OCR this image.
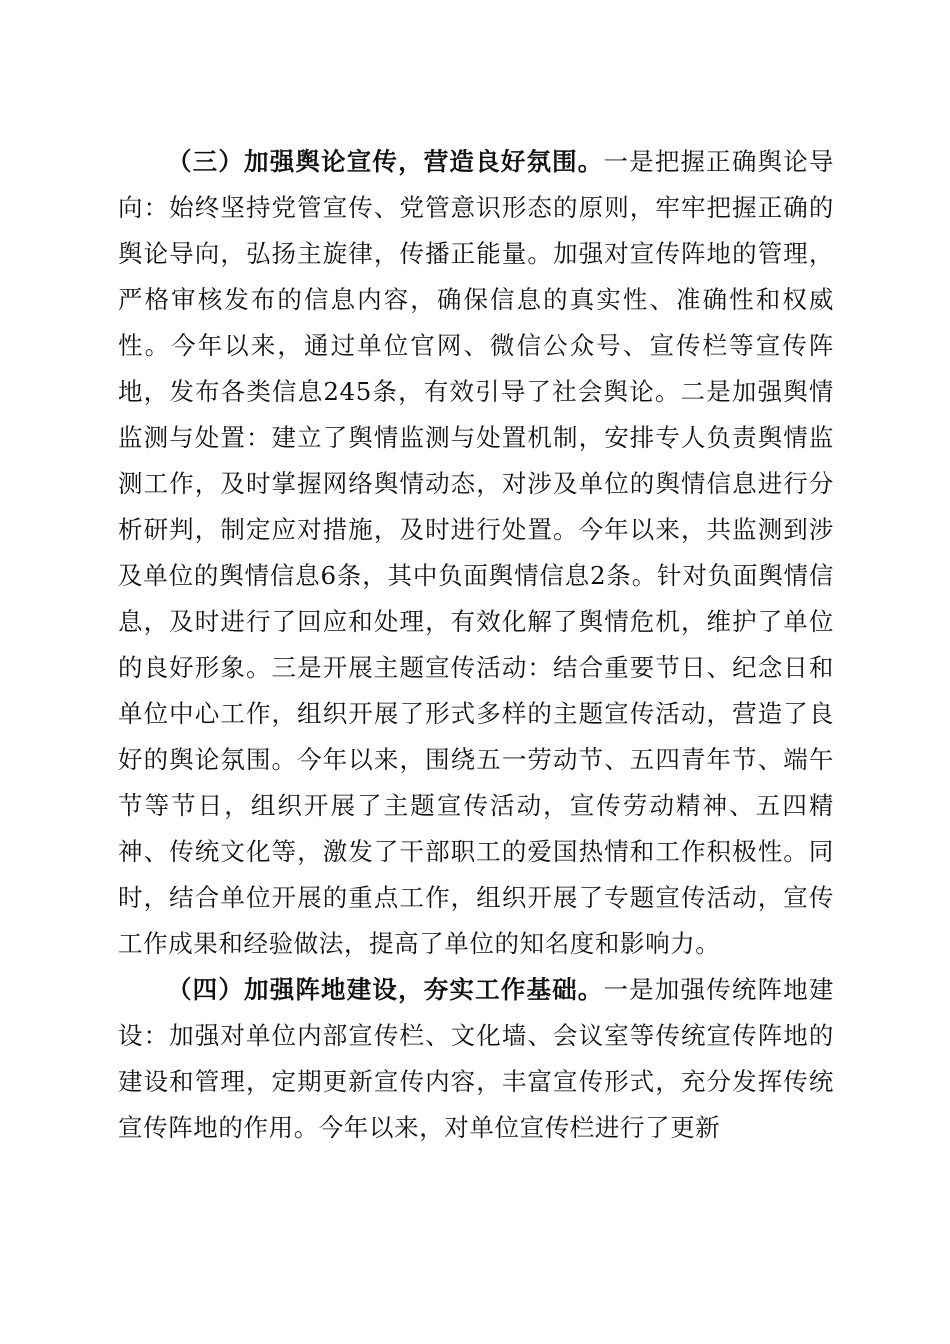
（三）加强舆论宣传，营造良好氛围。一是把握正确舆论导向：始终坚持党管宣传、党管意识形态的原则，牢牢把握正确的舆论导向，弘扬主旋律，传播正能量。加强对宣传阵地的管理，严格审核发布的信息内容，确保信息的真实性、准确性和权威性。今年以来，通过单位官网、微信公众号、宣传栏等宣传阵地，发布各类信息245条，有效引导了社会舆论。二是加强舆情监测与处置：建立了舆情监测与处置机制，安排专人负责舆情监测工作，及时掌握网络舆情动态，对涉及单位的舆情信息进行分析研判，制定应对措施，及时进行处置。今年以来，共监测到涉及单位的舆情信息6条，其中负面舆情信息2条。针对负面舆情信息，及时进行了回应和处理，有效化解了舆情危机，维护了单位的良好形象。三是开展主题宣传活动：结合重要节日、纪念日和单位中心工作，组织开展了形式多样的主题宣传活动，营造了良好的舆论氛围。今年以来，围绕五一劳动节、五四青年节、端午节等节日，组织开展了主题宣传活动，宣传劳动精神、五四精神、传统文化等，激发了干部职工的爱国热情和工作积极性。同时，结合单位开展的重点工作，组织开展了专题宣传活动，宣传工作成果和经验做法，提高了单位的知名度和影响力。

（四）加强阵地建设，夯实工作基础。一是加强传统阵地建设：加强对单位内部宣传栏、文化墙、会议室等传统宣传阵地的建设和管理，定期更新宣传内容，丰富宣传形式，充分发挥传统宣传阵地的作用。今年以来，对单位宣传栏进行了更新
